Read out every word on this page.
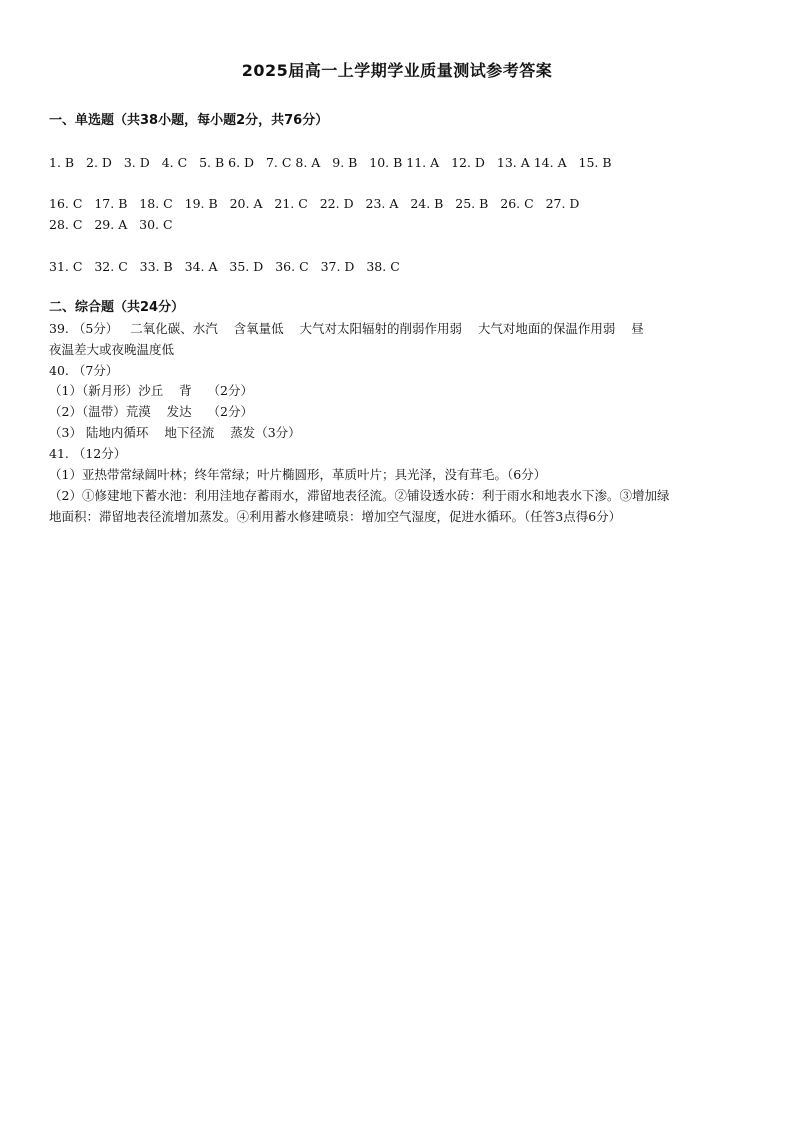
2025届高一上学期学业质量测试参考答案
一、单选题（共38小题，每小题2分，共76分）
1. B   2. D   3. D   4. C   5. B 6. D   7. C 8. A   9. B   10. B 11. A   12. D   13. A 14. A   15. B
16. C   17. B   18. C   19. B   20. A   21. C   22. D   23. A   24. B   25. B   26. C   27. D
28. C   29. A   30. C
31. C   32. C   33. B   34. A   35. D   36. C   37. D   38. C
二、综合题（共24分）
39. （5分）   二氧化碳、水汽    含氧量低    大气对太阳辐射的削弱作用弱    大气对地面的保温作用弱    昼
夜温差大或夜晚温度低
40. （7分）
（1）（新月形）沙丘    背    （2分）
（2）（温带）荒漠    发达    （2分）
（3） 陆地内循环    地下径流    蒸发（3分）
41. （12分）
（1）亚热带常绿阔叶林；终年常绿；叶片椭圆形，革质叶片；具光泽，没有茸毛。（6分）
（2）①修建地下蓄水池：利用洼地存蓄雨水，滞留地表径流。②铺设透水砖：利于雨水和地表水下渗。③增加绿
地面积：滞留地表径流增加蒸发。④利用蓄水修建喷泉：增加空气湿度，促进水循环。（任答3点得6分）
